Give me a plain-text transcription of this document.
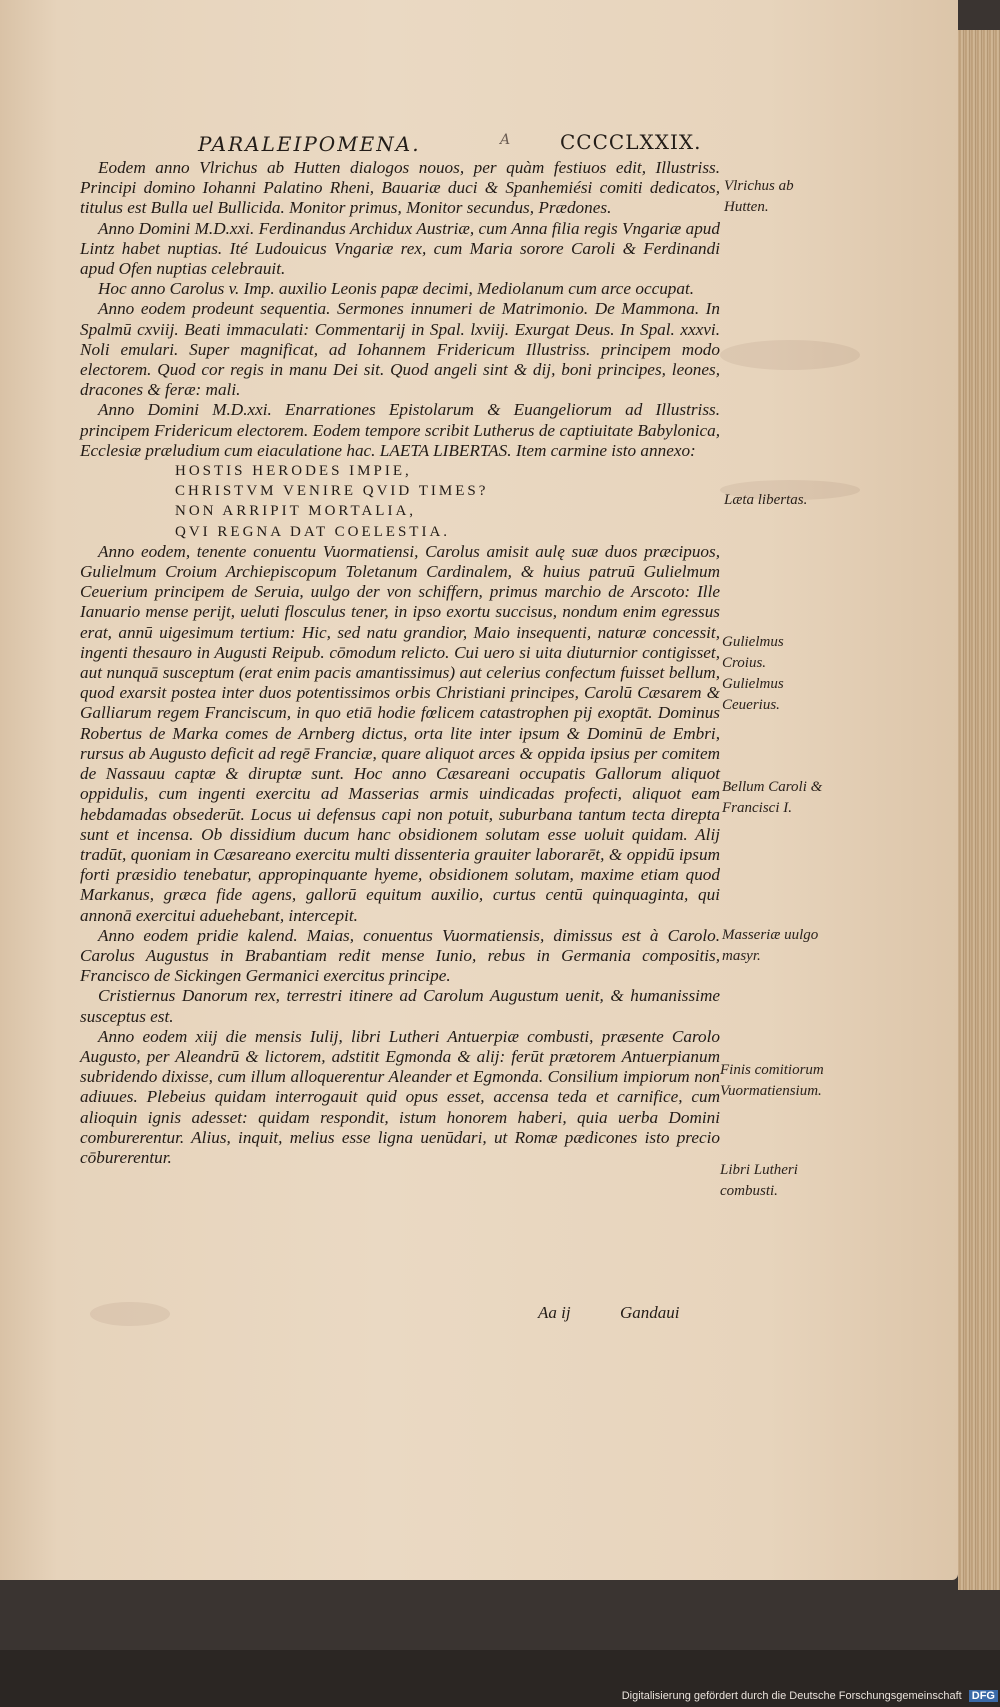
PARALEIPOMENA.	A CCCCLXXIX.

Eodem anno Vlrichus ab Hutten dialogos nouos, per quàm festiuos edit, Illustriss. Principi domino Iohanni Palatino Rheni, Bauariæ duci & Spanhemiési comiti dedicatos, titulus est Bulla uel Bullicida. Monitor primus, Monitor secundus, Prædones.

Anno Domini M.D.xxi. Ferdinandus Archidux Austriæ, cum Anna filia regis Vngariæ apud Lintz habet nuptias. Ité Ludouicus Vngariæ rex, cum Maria sorore Caroli & Ferdinandi apud Ofen nuptias celebrauit.

Hoc anno Carolus v. Imp. auxilio Leonis papæ decimi, Mediolanum cum arce occupat.

Anno eodem prodeunt sequentia. Sermones innumeri de Matrimonio. De Mammona. In Spalmū cxviij. Beati immaculati: Commentarij in Spal. lxviij. Exurgat Deus. In Spal. xxxvi. Noli emulari. Super magnificat, ad Iohannem Fridericum Illustriss. principem modo electorem. Quod cor regis in manu Dei sit. Quod angeli sint & dij, boni principes, leones, dracones & feræ: mali.

Anno Domini M.D.xxi. Enarrationes Epistolarum & Euangeliorum ad Illustriss. principem Fridericum electorem. Eodem tempore scribit Lutherus de captiuitate Babylonica, Ecclesiæ præludium cum eiaculatione hac. LAETA LIBERTAS. Item carmine isto annexo:

HOSTIS HERODES IMPIE,

CHRISTVM VENIRE QVID TIMES?

NON ARRIPIT MORTALIA,

QVI REGNA DAT COELESTIA.

Anno eodem, tenente conuentu Vuormatiensi, Carolus amisit aulę suæ duos præcipuos, Gulielmum Croium Archiepiscopum Toletanum Cardinalem, & huius patruū Gulielmum Ceuerium principem de Seruia, uulgo der von schiffern, primus marchio de Arscoto: Ille Ianuario mense perijt, ueluti flosculus tener, in ipso exortu succisus, nondum enim egressus erat, annū uigesimum tertium: Hic, sed natu grandior, Maio insequenti, naturæ concessit, ingenti thesauro in Augusti Reipub. cōmodum relicto. Cui uero si uita diuturnior contigisset, aut nunquā susceptum (erat enim pacis amantissimus) aut celerius confectum fuisset bellum, quod exarsit postea inter duos potentissimos orbis Christiani principes, Carolū Cæsarem & Galliarum regem Franciscum, in quo etiā hodie fœlicem catastrophen pij exoptāt. Dominus Robertus de Marka comes de Arnberg dictus, orta lite inter ipsum & Dominū de Embri, rursus ab Augusto deficit ad regē Franciæ, quare aliquot arces & oppida ipsius per comitem de Nassauu captæ & diruptæ sunt. Hoc anno Cæsareani occupatis Gallorum aliquot oppidulis, cum ingenti exercitu ad Masserias armis uindicadas profecti, aliquot eam hebdamadas obsederūt. Locus ui defensus capi non potuit, suburbana tantum tecta direpta sunt et incensa. Ob dissidium ducum hanc obsidionem solutam esse uoluit quidam. Alij tradūt, quoniam in Cæsareano exercitu multi dissenteria grauiter laborarēt, & oppidū ipsum forti præsidio tenebatur, appropinquante hyeme, obsidionem solutam, maxime etiam quod Markanus, græca fide agens, gallorū equitum auxilio, curtus centū quinquaginta, qui annonā exercitui aduehebant, intercepit.

Anno eodem pridie kalend. Maias, conuentus Vuormatiensis, dimissus est à Carolo. Carolus Augustus in Brabantiam redit mense Iunio, rebus in Germania compositis, Francisco de Sickingen Germanici exercitus principe.

Cristiernus Danorum rex, terrestri itinere ad Carolum Augustum uenit, & humanissime susceptus est.

Anno eodem xiij die mensis Iulij, libri Lutheri Antuerpiæ combusti, præsente Carolo Augusto, per Aleandrū & lictorem, adstitit Egmonda & alij: ferūt prætorem Antuerpianum subridendo dixisse, cum illum alloquerentur Aleander et Egmonda. Consilium impiorum non adiuues. Plebeius quidam interrogauit quid opus esset, accensa teda et carnifice, cum alioquin ignis adesset: quidam respondit, istum honorem haberi, quia uerba Domini comburerentur. Alius, inquit, melius esse ligna uenūdari, ut Romæ pædicones isto precio cōburerentur.

Vlrichus ab Hutten.
Læta libertas.
Gulielmus Croius. Gulielmus Ceuerius.
Bellum Caroli & Francisci I.
Masseriæ uulgo masyr.
Finis comitiorum Vuormatiensium.
Libri Lutheri combusti.
Aa ij	Gandaui
Digitalisierung gefördert durch die Deutsche Forschungsgemeinschaft DFG
